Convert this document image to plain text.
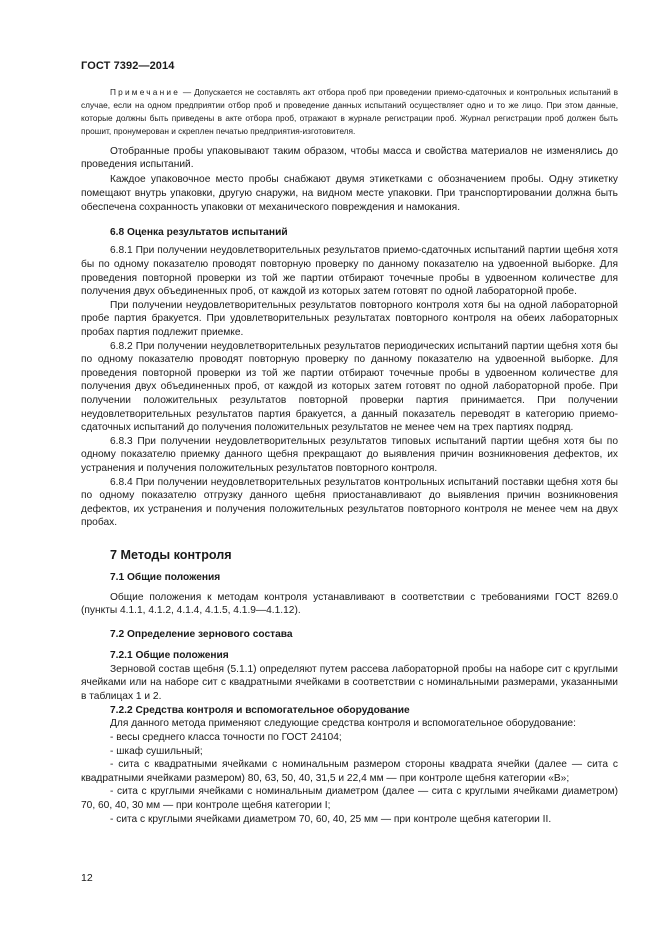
ГОСТ 7392—2014

Примечание — Допускается не составлять акт отбора проб при проведении приемо-сдаточных и контрольных испытаний в случае, если на одном предприятии отбор проб и проведение данных испытаний осуществляет одно и то же лицо. При этом данные, которые должны быть приведены в акте отбора проб, отражают в журнале регистрации проб. Журнал регистрации проб должен быть прошит, пронумерован и скреплен печатью предприятия-изготовителя.

Отобранные пробы упаковывают таким образом, чтобы масса и свойства материалов не изменялись до проведения испытаний.

Каждое упаковочное место пробы снабжают двумя этикетками с обозначением пробы. Одну этикетку помещают внутрь упаковки, другую снаружи, на видном месте упаковки. При транспортировании должна быть обеспечена сохранность упаковки от механического повреждения и намокания.

6.8 Оценка результатов испытаний

6.8.1 При получении неудовлетворительных результатов приемо-сдаточных испытаний партии щебня хотя бы по одному показателю проводят повторную проверку по данному показателю на удвоенной выборке. Для проведения повторной проверки из той же партии отбирают точечные пробы в удвоенном количестве для получения двух объединенных проб, от каждой из которых затем готовят по одной лабораторной пробе.

При получении неудовлетворительных результатов повторного контроля хотя бы на одной лабораторной пробе партия бракуется. При удовлетворительных результатах повторного контроля на обеих лабораторных пробах партия подлежит приемке.

6.8.2 При получении неудовлетворительных результатов периодических испытаний партии щебня хотя бы по одному показателю проводят повторную проверку по данному показателю на удвоенной выборке. Для проведения повторной проверки из той же партии отбирают точечные пробы в удвоенном количестве для получения двух объединенных проб, от каждой из которых затем готовят по одной лабораторной пробе. При получении положительных результатов повторной проверки партия принимается. При получении неудовлетворительных результатов партия бракуется, а данный показатель переводят в категорию приемо-сдаточных испытаний до получения положительных результатов не менее чем на трех партиях подряд.

6.8.3 При получении неудовлетворительных результатов типовых испытаний партии щебня хотя бы по одному показателю приемку данного щебня прекращают до выявления причин возникновения дефектов, их устранения и получения положительных результатов повторного контроля.

6.8.4 При получении неудовлетворительных результатов контрольных испытаний поставки щебня хотя бы по одному показателю отгрузку данного щебня приостанавливают до выявления причин возникновения дефектов, их устранения и получения положительных результатов повторного контроля не менее чем на двух пробах.

7 Методы контроля

7.1 Общие положения

Общие положения к методам контроля устанавливают в соответствии с требованиями ГОСТ 8269.0 (пункты 4.1.1, 4.1.2, 4.1.4, 4.1.5, 4.1.9—4.1.12).

7.2 Определение зернового состава

7.2.1 Общие положения

Зерновой состав щебня (5.1.1) определяют путем рассева лабораторной пробы на наборе сит с круглыми ячейками или на наборе сит с квадратными ячейками в соответствии с номинальными размерами, указанными в таблицах 1 и 2.

7.2.2 Средства контроля и вспомогательное оборудование

Для данного метода применяют следующие средства контроля и вспомогательное оборудование:

- весы среднего класса точности по ГОСТ 24104;

- шкаф сушильный;

- сита с квадратными ячейками с номинальным размером стороны квадрата ячейки (далее — сита с квадратными ячейками размером) 80, 63, 50, 40, 31,5 и 22,4 мм — при контроле щебня категории «В»;

- сита с круглыми ячейками с номинальным диаметром (далее — сита с круглыми ячейками диаметром) 70, 60, 40, 30 мм — при контроле щебня категории I;

- сита с круглыми ячейками диаметром 70, 60, 40, 25 мм — при контроле щебня категории II.

12
